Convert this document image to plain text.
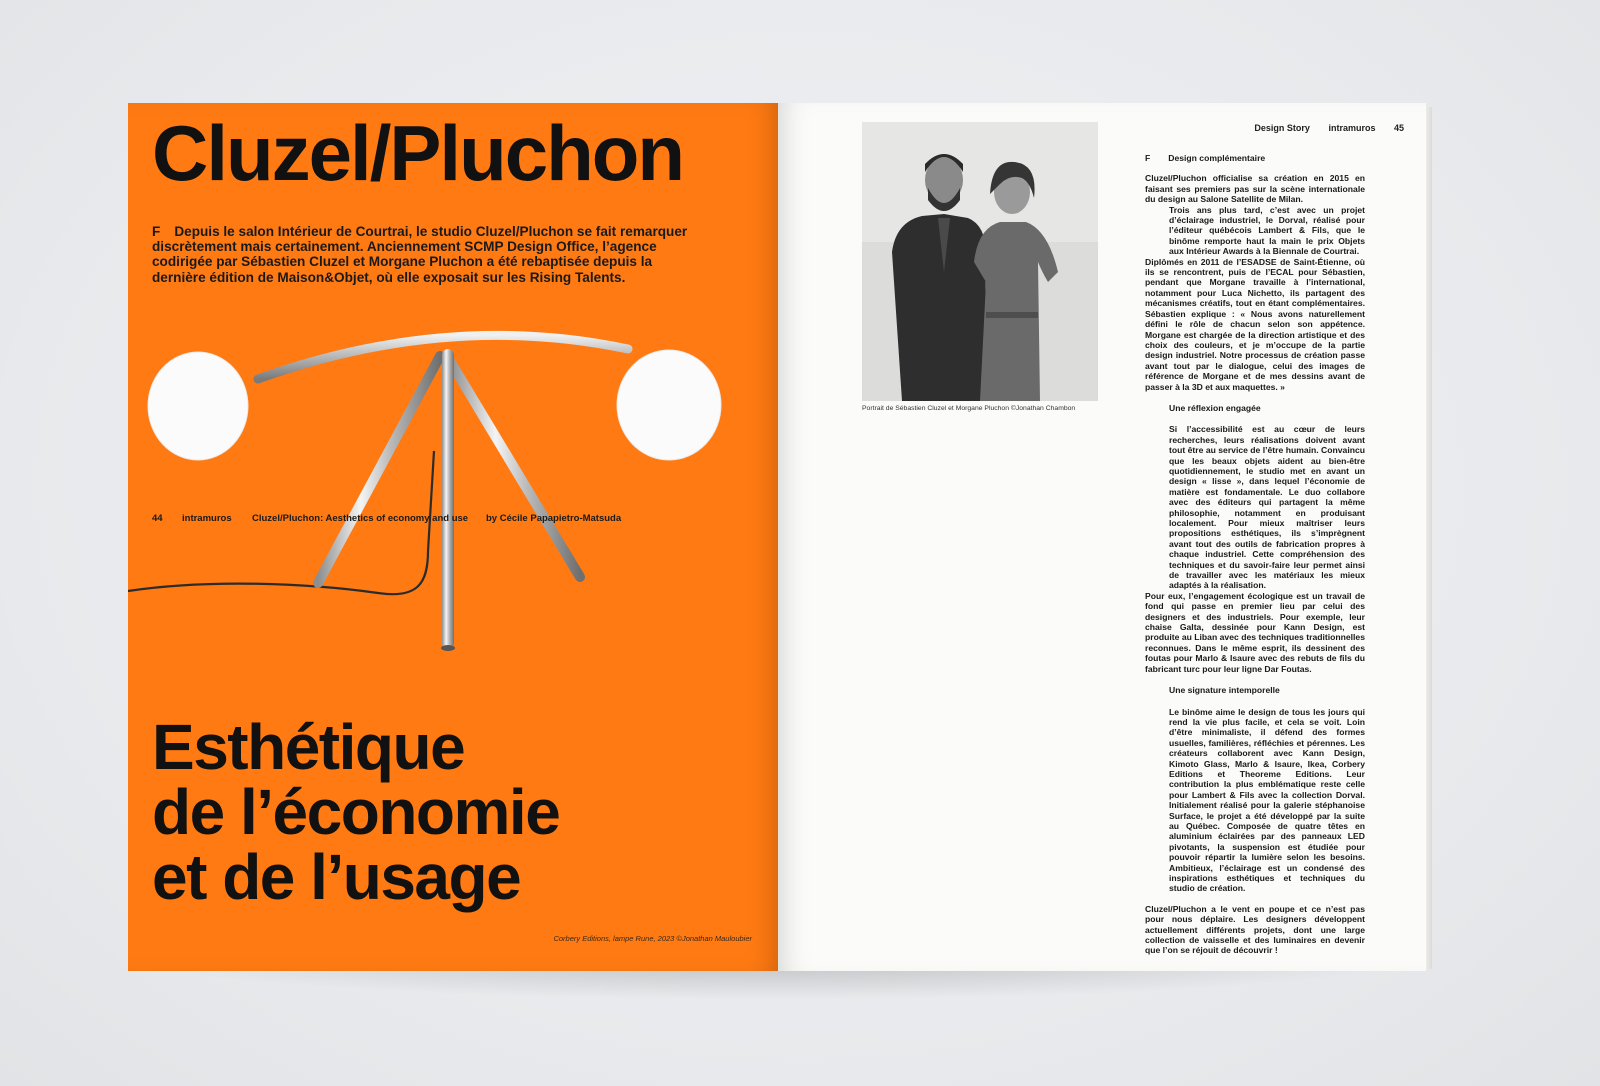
Cluzel/Pluchon

F Depuis le salon Intérieur de Courtrai, le studio Cluzel/Pluchon se fait remarquer discrètement mais certainement. Anciennement SCMP Design Office, l’agence codirigée par Sébastien Cluzel et Morgane Pluchon a été rebaptisée depuis la dernière édition de Maison&Objet, où elle exposait sur les Rising Talents.

44 intramuros Cluzel/Pluchon: Aesthetics of economy and use by Cécile Papapietro-Matsuda
Esthétique
de l’économie
et de l’usage
Corbery Editions, lampe Rune, 2023 ©Jonathan Mauloubier
Design Story intramuros 45
Portrait de Sébastien Cluzel et Morgane Pluchon ©Jonathan Chambon
F Design complémentaire

Cluzel/Pluchon officialise sa création en 2015 en faisant ses premiers pas sur la scène internationale du design au Salone Satellite de Milan.

Trois ans plus tard, c’est avec un projet d’éclairage industriel, le Dorval, réalisé pour l’éditeur québécois Lambert & Fils, que le binôme remporte haut la main le prix Objets aux Intérieur Awards à la Biennale de Courtrai.

Diplômés en 2011 de l’ESADSE de Saint-Étienne, où ils se rencontrent, puis de l’ECAL pour Sébastien, pendant que Morgane travaille à l’international, notamment pour Luca Nichetto, ils partagent des mécanismes créatifs, tout en étant complémentaires. Sébastien explique : « Nous avons naturellement défini le rôle de chacun selon son appétence. Morgane est chargée de la direction artistique et des choix des couleurs, et je m’occupe de la partie design industriel. Notre processus de création passe avant tout par le dialogue, celui des images de référence de Morgane et de mes dessins avant de passer à la 3D et aux maquettes. »

Une réflexion engagée

Si l’accessibilité est au cœur de leurs recherches, leurs réalisations doivent avant tout être au service de l’être humain. Convaincu que les beaux objets aident au bien-être quotidiennement, le studio met en avant un design « lisse », dans lequel l’économie de matière est fondamentale. Le duo collabore avec des éditeurs qui partagent la même philosophie, notamment en produisant localement. Pour mieux maîtriser leurs propositions esthétiques, ils s’imprègnent avant tout des outils de fabrication propres à chaque industriel. Cette compréhension des techniques et du savoir-faire leur permet ainsi de travailler avec les matériaux les mieux adaptés à la réalisation.

Pour eux, l’engagement écologique est un travail de fond qui passe en premier lieu par celui des designers et des industriels. Pour exemple, leur chaise Galta, dessinée pour Kann Design, est produite au Liban avec des techniques traditionnelles reconnues. Dans le même esprit, ils dessinent des foutas pour Marlo & Isaure avec des rebuts de fils du fabricant turc pour leur ligne Dar Foutas.

Une signature intemporelle

Le binôme aime le design de tous les jours qui rend la vie plus facile, et cela se voit. Loin d’être minimaliste, il défend des formes usuelles, familières, réfléchies et pérennes. Les créateurs collaborent avec Kann Design, Kimoto Glass, Marlo & Isaure, Ikea, Corbery Editions et Theoreme Editions. Leur contribution la plus emblématique reste celle pour Lambert & Fils avec la collection Dorval. Initialement réalisé pour la galerie stéphanoise Surface, le projet a été développé par la suite au Québec. Composée de quatre têtes en aluminium éclairées par des panneaux LED pivotants, la suspension est étudiée pour pouvoir répartir la lumière selon les besoins. Ambitieux, l’éclairage est un condensé des inspirations esthétiques et techniques du studio de création.

Cluzel/Pluchon a le vent en poupe et ce n’est pas pour nous déplaire. Les designers développent actuellement différents projets, dont une large collection de vaisselle et des luminaires en devenir que l’on se réjouit de découvrir !
